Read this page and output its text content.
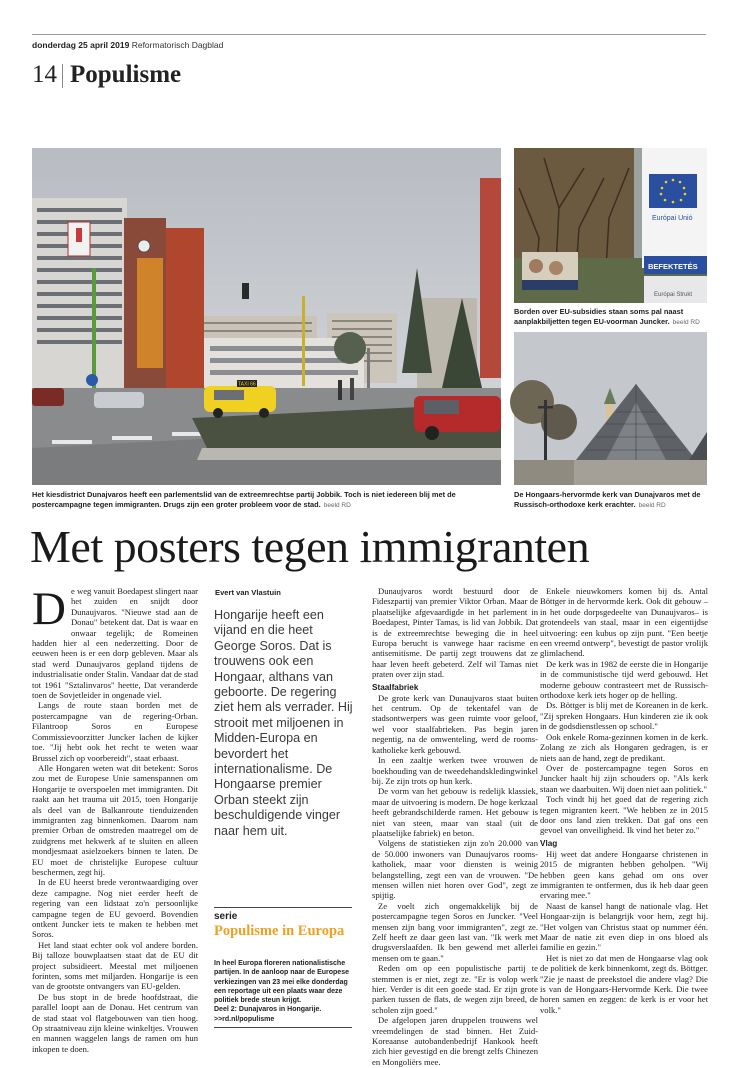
donderdag 25 april 2019 Reformatorisch Dagblad
14 Populisme
TAXI 66
Het kiesdistrict Dunajvaros heeft een parlementslid van de extreemrechtse partij Jobbik. Toch is niet iedereen blij met de postercampagne tegen immigranten. Drugs zijn een groter probleem voor de stad. beeld RD
Európai Unió
BEFEKTETÉS
Európai Strukt
Borden over EU-subsidies staan soms pal naast aanplakbiljetten tegen EU-voorman Juncker. beeld RD
De Hongaars-hervormde kerk van Dunajvaros met de Russisch-orthodoxe kerk erachter. beeld RD
Met posters tegen immigranten
D e weg vanuit Boedapest slingert naar het zuiden en snijdt door Dunaujvaros. "Nieuwe stad aan de Donau" betekent dat. Dat is waar en onwaar tegelijk; de Romeinen hadden hier al een nederzetting. Door de eeuwen heen is er een dorp gebleven. Maar als stad werd Dunaujvaros gepland tijdens de industrialisatie onder Stalin. Vandaar dat de stad tot 1961 "Sztalinvaros" heette, Dat veranderde toen de Sovjetleider in ongenade viel.

Langs de route staan borden met de postercampagne van de regering-Orban. Filantroop Soros en Europese Commissievoorzitter Juncker lachen de kijker toe. "Jij hebt ook het recht te weten waar Brussel zich op voorbereidt", staat erbaast.

Alle Hongaren weten wat dit betekent: Soros zou met de Europese Unie samenspannen om Hongarije te overspoelen met immigranten. Dit raakt aan het trauma uit 2015, toen Hongarije als deel van de Balkanroute tienduizenden immigranten zag binnenkomen. Daarom nam premier Orban de omstreden maatregel om de zuidgrens met hekwerk af te sluiten en alleen mondjesmaat asielzoekers binnen te laten. De EU moet de christelijke Europese cultuur beschermen, zegt hij.

In de EU heerst brede verontwaardiging over deze campagne. Nog niet eerder heeft de regering van een lidstaat zo'n persoonlijke campagne tegen de EU gevoerd. Bovendien ontkent Juncker iets te maken te hebben met Soros.

Het land staat echter ook vol andere borden. Bij talloze bouwplaatsen staat dat de EU dit project subsidieert. Meestal met miljoenen forinten, soms met miljarden. Hongarije is een van de grootste ontvangers van EU-gelden.

De bus stopt in de brede hoofdstraat, die parallel loopt aan de Donau. Het centrum van de stad staat vol flatgebouwen van tien hoog. Op straatniveau zijn kleine winkeltjes. Vrouwen en mannen waggelen langs de ramen om hun inkopen te doen.

Evert van Vlastuin
Hongarije heeft een vijand en die heet George Soros. Dat is trouwens ook een Hongaar, althans van geboorte. De regering ziet hem als verrader. Hij strooit met miljoenen in Midden-Europa en bevordert het internationalisme. De Hongaarse premier Orban steekt zijn beschuldigende vinger naar hem uit.
serie
Populisme in Europa
In heel Europa floreren nationalistische partijen. In de aanloop naar de Europese verkiezingen van 23 mei elke donderdag een reportage uit een plaats waar deze politiek brede steun krijgt.
Deel 2: Dunajvaros in Hongarije.
>>rd.nl/populisme

Dunaujvaros wordt bestuurd door de Fideszpartij van premier Viktor Orban. Maar de plaatselijke afgevaardigde in het parlement in Boedapest, Pinter Tamas, is lid van Jobbik. Dat is de extreemrechtse beweging die in heel Europa berucht is vanwege haar racisme en antisemitisme. De partij zegt trouwens dat ze haar leven heeft gebeterd. Zelf wil Tamas niet praten over zijn stad.

Staalfabriek

De grote kerk van Dunaujvaros staat buiten het centrum. Op de tekentafel van de stadsontwerpers was geen ruimte voor geloof, wel voor staalfabrieken. Pas begin jaren negentig, na de omwenteling, werd de rooms-katholieke kerk gebouwd.

In een zaaltje werken twee vrouwen de boekhouding van de tweedehandskledingwinkel bij. Ze zijn trots op hun kerk.

De vorm van het gebouw is redelijk klassiek, maar de uitvoering is modern. De hoge kerkzaal heeft gebrandschilderde ramen. Het gebouw is niet van steen, maar van staal (uit de plaatselijke fabriek) en beton.

Volgens de statistieken zijn zo'n 20.000 van de 50.000 inwoners van Dunaujvaros rooms-katholiek, maar voor diensten is weinig belangstelling, zegt een van de vrouwen. "De mensen willen niet horen over God", zegt ze spijtig.

Ze voelt zich ongemakkelijk bij de postercampagne tegen Soros en Juncker. "Veel mensen zijn bang voor immigranten", zegt ze. Zelf heeft ze daar geen last van. "Ik werk met drugsverslaafden. Ik ben gewend met allerlei mensen om te gaan."

Reden om op een populistische partij te stemmen is er niet, zegt ze. "Er is volop werk hier. Verder is dit een goede stad. Er zijn grote parken tussen de flats, de wegen zijn breed, de scholen zijn goed."

De afgelopen jaren druppelen trouwens wel vreemdelingen de stad binnen. Het Zuid-Koreaanse autobandenbedrijf Hankook heeft zich hier gevestigd en die brengt zelfs Chinezen en Mongoliërs mee.

Enkele nieuwkomers komen bij ds. Antal Böttger in de hervormde kerk. Ook dit gebouw –in het oude dorpsgedeelte van Dunaujvaros– is grotendeels van staal, maar in een eigentijdse uitvoering: een kubus op zijn punt. "Een beetje een vreemd ontwerp", bevestigt de pastor vrolijk glimlachend.

De kerk was in 1982 de eerste die in Hongarije in de communistische tijd werd gebouwd. Het moderne gebouw contrasteert met de Russisch-orthodoxe kerk iets hoger op de helling.

Ds. Böttger is blij met de Koreanen in de kerk. "Zij spreken Hongaars. Hun kinderen zie ik ook in de godsdienstlessen op school."

Ook enkele Roma-gezinnen komen in de kerk. Zolang ze zich als Hongaren gedragen, is er niets aan de hand, zegt de predikant.

Over de postercampagne tegen Soros en Juncker haalt hij zijn schouders op. "Als kerk staan we daarbuiten. Wij doen niet aan politiek."

Toch vindt hij het goed dat de regering zich tegen migranten keert. "We hebben ze in 2015 door ons land zien trekken. Dat gaf ons een gevoel van onveiligheid. Ik vind het beter zo."

Vlag

Hij weet dat andere Hongaarse christenen in 2015 de migranten hebben geholpen. "Wij hebben geen kans gehad om ons over immigranten te ontfermen, dus ik heb daar geen ervaring mee."

Naast de kansel hangt de nationale vlag. Het Hongaar-zijn is belangrijk voor hem, zegt hij. "Het volgen van Christus staat op nummer één. Maar de natie zit even diep in ons bloed als familie en gezin."

Het is niet zo dat men de Hongaarse vlag ook de politiek de kerk binnenkomt, zegt ds. Böttger. "Zie je naast de preekstoel die andere vlag? Die is van de Hongaars-Hervormde Kerk. Die twee horen samen en zeggen: de kerk is er voor het volk."
